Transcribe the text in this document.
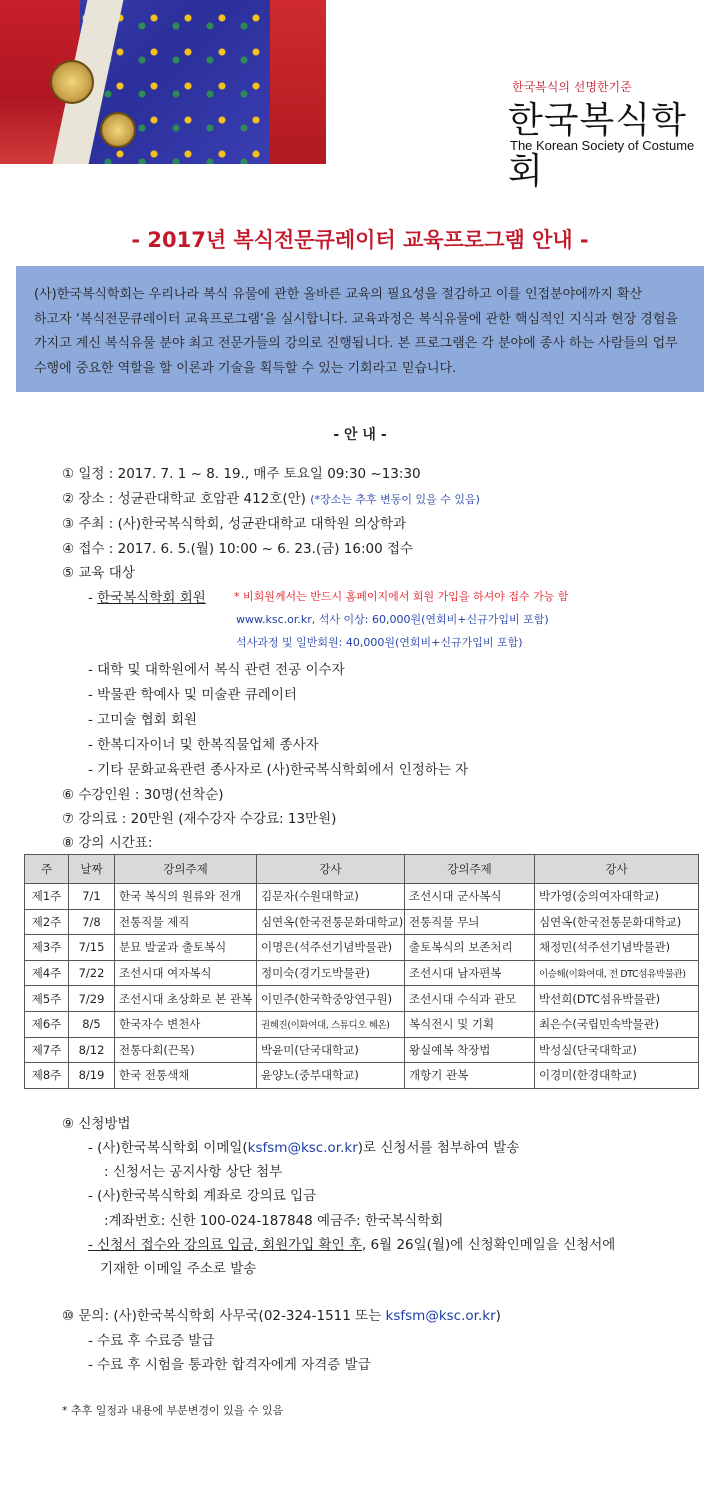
한국복식의 선명한기준
한국복식학회
The Korean Society of Costume
- 2017년 복식전문큐레이터 교육프로그램 안내 -
(사)한국복식학회는 우리나라 복식 유물에 관한 올바른 교육의 필요성을 절감하고 이를 인접분야에까지 확산
하고자 ‘복식전문큐레이터 교육프로그램’을 실시합니다. 교육과정은 복식유물에 관한 핵심적인 지식과 현장 경험을
가지고 계신 복식유물 분야 최고 전문가들의 강의로 진행됩니다. 본 프로그램은 각 분야에 종사 하는 사람들의 업무
수행에 중요한 역할을 할 이론과 기술을 획득할 수 있는 기회라고 믿습니다.
- 안 내 -
① 일정 : 2017. 7. 1 ~ 8. 19., 매주 토요일 09:30 ~13:30
② 장소 : 성균관대학교 호암관 412호(안) (*장소는 추후 변동이 있을 수 있음)
③ 주최 : (사)한국복식학회, 성균관대학교 대학원 의상학과
④ 접수 : 2017. 6. 5.(월) 10:00 ~ 6. 23.(금) 16:00 접수
⑤ 교육 대상
- 한국복식학회 회원	* 비회원께서는 반드시 홈페이지에서 회원 가입을 하셔야 접수 가능 함
www.ksc.or.kr, 석사 이상: 60,000원(연회비+신규가입비 포함)
석사과정 및 일반회원: 40,000원(연회비+신규가입비 포함)
- 대학 및 대학원에서 복식 관련 전공 이수자
- 박물관 학예사 및 미술관 큐레이터
- 고미술 협회 회원
- 한복디자이너 및 한복직물업체 종사자
- 기타 문화교육관련 종사자로 (사)한국복식학회에서 인정하는 자
⑥ 수강인원 : 30명(선착순)
⑦ 강의료 : 20만원 (재수강자 수강료: 13만원)
⑧ 강의 시간표:
주	날짜	강의주제	강사	강의주제	강사
제1주	7/1	한국 복식의 원류와 전개	김문자(수원대학교)	조선시대 군사복식	박가영(숭의여자대학교)
제2주	7/8	전통직물 제직	심연옥(한국전통문화대학교)	전통직물 무늬	심연옥(한국전통문화대학교)
제3주	7/15	분묘 발굴과 출토복식	이명은(석주선기념박물관)	출토복식의 보존처리	채정민(석주선기념박물관)
제4주	7/22	조선시대 여자복식	정미숙(경기도박물관)	조선시대 남자편복	이승해(이화여대, 전 DTC섬유박물관)
제5주	7/29	조선시대 초상화로 본 관복	이민주(한국학중앙연구원)	조선시대 수식과 관모	박선희(DTC섬유박물관)
제6주	8/5	한국자수 변천사	권혜진(이화여대, 스튜디오 혜온)	복식전시 및 기획	최은수(국립민속박물관)
제7주	8/12	전통다회(끈목)	박윤미(단국대학교)	왕실예복 착장법	박성실(단국대학교)
제8주	8/19	한국 전통색채	윤양노(중부대학교)	개항기 관복	이경미(한경대학교)
⑨ 신청방법
- (사)한국복식학회 이메일(ksfsm@ksc.or.kr)로 신청서를 첨부하여 발송
: 신청서는 공지사항 상단 첨부
- (사)한국복식학회 계좌로 강의료 입금
:계좌번호: 신한 100-024-187848 예금주: 한국복식학회
- 신청서 접수와 강의료 입금, 회원가입 확인 후, 6월 26일(월)에 신청확인메일을 신청서에
기재한 이메일 주소로 발송
⑩ 문의: (사)한국복식학회 사무국(02-324-1511 또는 ksfsm@ksc.or.kr)
- 수료 후 수료증 발급
- 수료 후 시험을 통과한 합격자에게 자격증 발급
* 추후 일정과 내용에 부분변경이 있을 수 있음
